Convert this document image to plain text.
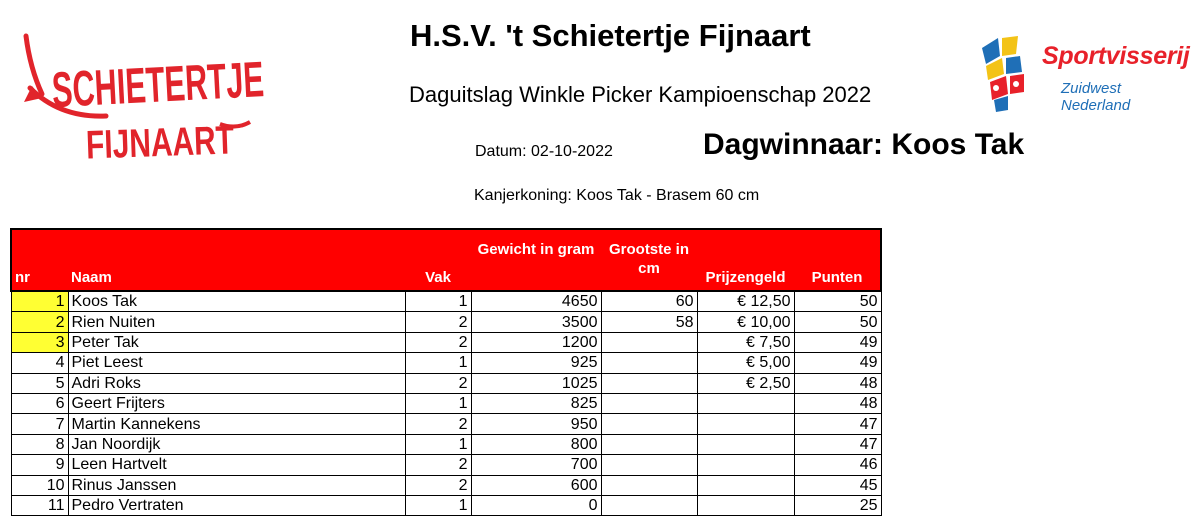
SCHIETERTJE
FIJNAART
Sportvisserij
Zuidwest Nederland
H.S.V. 't Schietertje Fijnaart
Daguitslag Winkle Picker Kampioenschap 2022
Datum: 02-10-2022	Dagwinnaar: Koos Tak
Kanjerkoning: Koos Tak - Brasem 60 cm
nr	Naam	Vak	Gewicht in gram	Grootste in cm	Prijzengeld	Punten
1	Koos Tak	1	4650	60	€ 12,50	50
2	Rien Nuiten	2	3500	58	€ 10,00	50
3	Peter Tak	2	1200		€ 7,50	49
4	Piet Leest	1	925		€ 5,00	49
5	Adri Roks	2	1025		€ 2,50	48
6	Geert Frijters	1	825			48
7	Martin Kannekens	2	950			47
8	Jan Noordijk	1	800			47
9	Leen Hartvelt	2	700			46
10	Rinus Janssen	2	600			45
11	Pedro Vertraten	1	0			25
